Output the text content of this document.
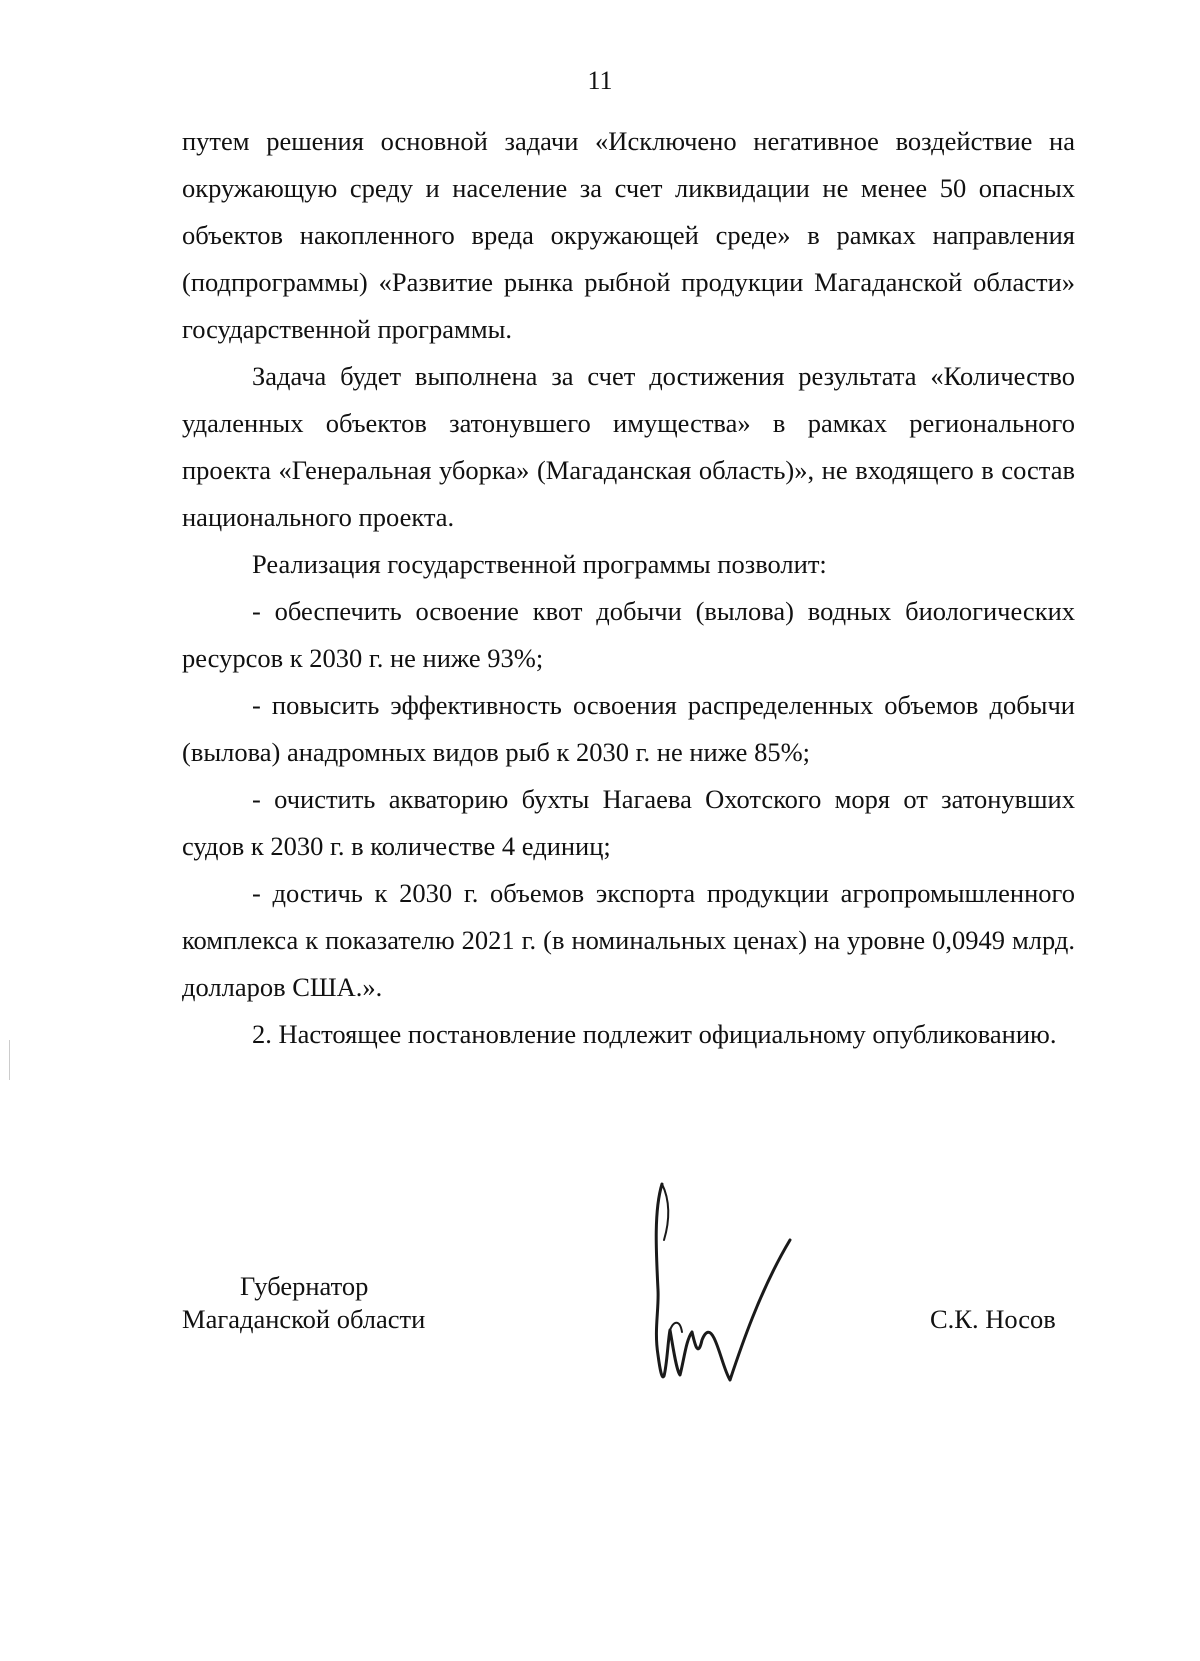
11

путем решения основной задачи «Исключено негативное воздействие на окружающую среду и население за счет ликвидации не менее 50 опасных объектов накопленного вреда окружающей среде» в рамках направления (подпрограммы) «Развитие рынка рыбной продукции Магаданской области» государственной программы.

Задача будет выполнена за счет достижения результата «Количество удаленных объектов затонувшего имущества» в рамках регионального проекта «Генеральная уборка» (Магаданская область)», не входящего в состав национального проекта.

Реализация государственной программы позволит:

- обеспечить освоение квот добычи (вылова) водных биологических ресурсов к 2030 г. не ниже 93%;

- повысить эффективность освоения распределенных объемов добычи (вылова) анадромных видов рыб к 2030 г. не ниже 85%;

- очистить акваторию бухты Нагаева Охотского моря от затонувших судов к 2030 г. в количестве 4 единиц;

- достичь к 2030 г. объемов экспорта продукции агропромышленного комплекса к показателю 2021 г. (в номинальных ценах) на уровне 0,0949 млрд. долларов США.».

2. Настоящее постановление подлежит официальному опубликованию.

Губернатор

Магаданской области	С.К. Носов
